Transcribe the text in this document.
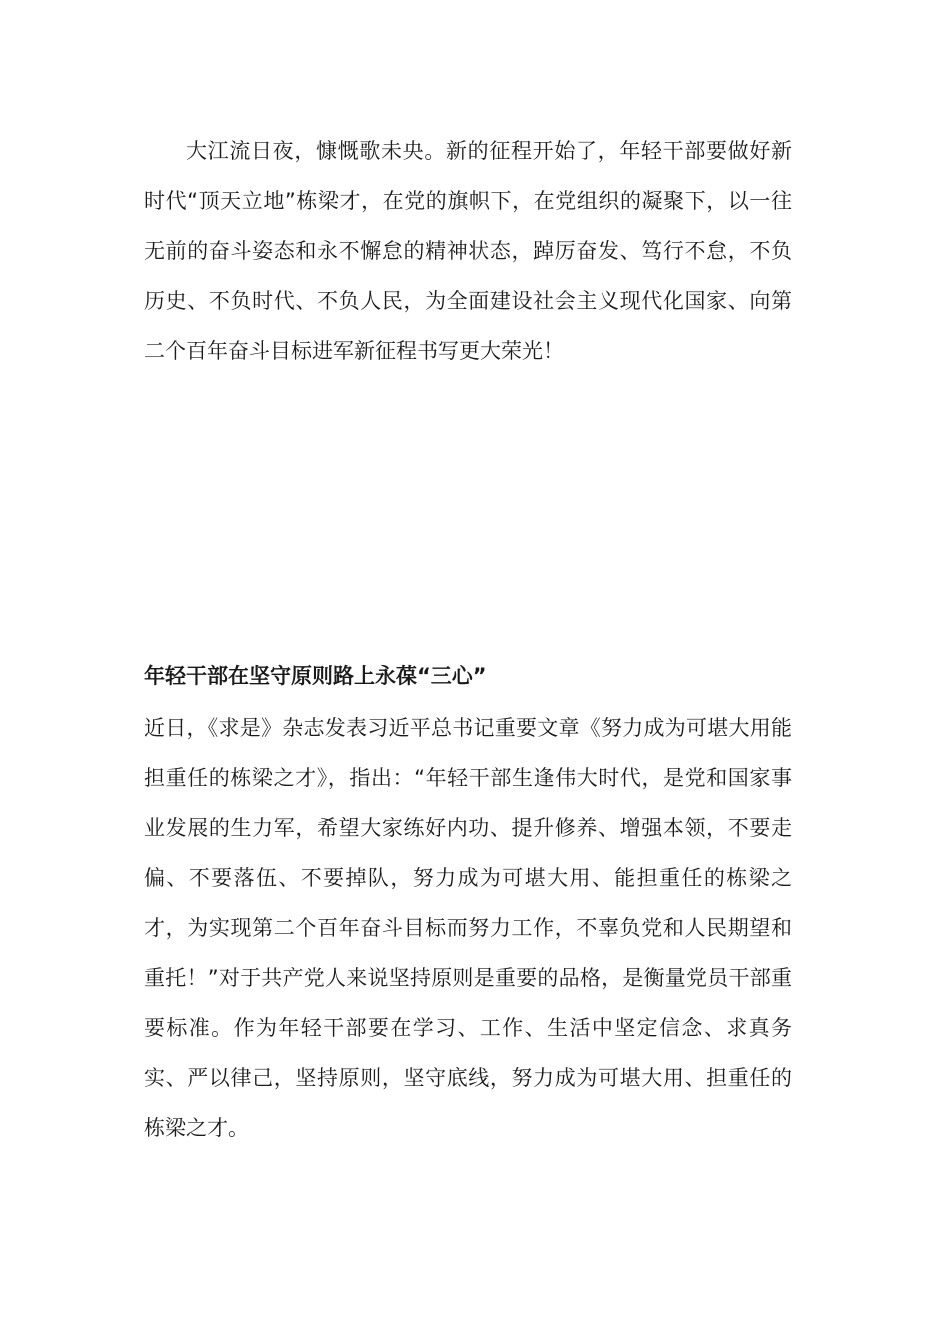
大江流日夜，慷慨歌未央。新的征程开始了，年轻干部要做好新时代“顶天立地”栋梁才，在党的旗帜下，在党组织的凝聚下，以一往无前的奋斗姿态和永不懈怠的精神状态，踔厉奋发、笃行不怠，不负历史、不负时代、不负人民，为全面建设社会主义现代化国家、向第二个百年奋斗目标进军新征程书写更大荣光！

年轻干部在坚守原则路上永葆“三心”

近日，《求是》杂志发表习近平总书记重要文章《努力成为可堪大用能担重任的栋梁之才》，指出：“年轻干部生逢伟大时代，是党和国家事业发展的生力军，希望大家练好内功、提升修养、增强本领，不要走偏、不要落伍、不要掉队，努力成为可堪大用、能担重任的栋梁之才，为实现第二个百年奋斗目标而努力工作，不辜负党和人民期望和重托！”对于共产党人来说坚持原则是重要的品格，是衡量党员干部重要标准。作为年轻干部要在学习、工作、生活中坚定信念、求真务实、严以律己，坚持原则，坚守底线，努力成为可堪大用、担重任的栋梁之才。
